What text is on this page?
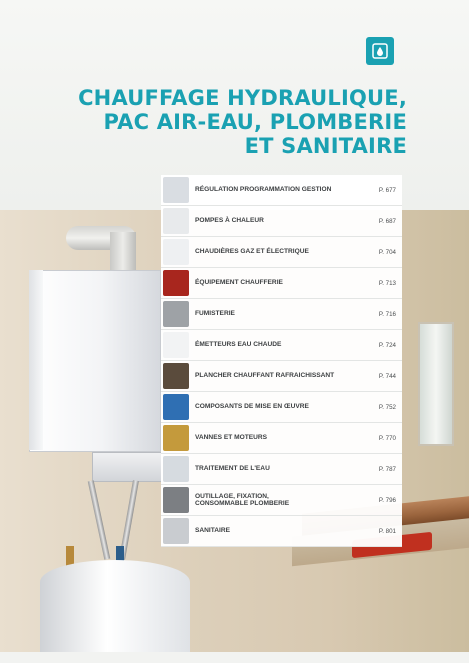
CHAUFFAGE HYDRAULIQUE,
PAC AIR-EAU, PLOMBERIE
ET SANITAIRE
RÉGULATION PROGRAMMATION GESTION	P. 677
POMPES À CHALEUR	P. 687
CHAUDIÈRES GAZ ET ÉLECTRIQUE	P. 704
ÉQUIPEMENT CHAUFFERIE	P. 713
FUMISTERIE	P. 716
ÉMETTEURS EAU CHAUDE	P. 724
PLANCHER CHAUFFANT RAFRAICHISSANT	P. 744
COMPOSANTS DE MISE EN ŒUVRE	P. 752
VANNES ET MOTEURS	P. 770
TRAITEMENT DE L'EAU	P. 787
OUTILLAGE, FIXATION,
CONSOMMABLE PLOMBERIE	P. 796
SANITAIRE	P. 801
